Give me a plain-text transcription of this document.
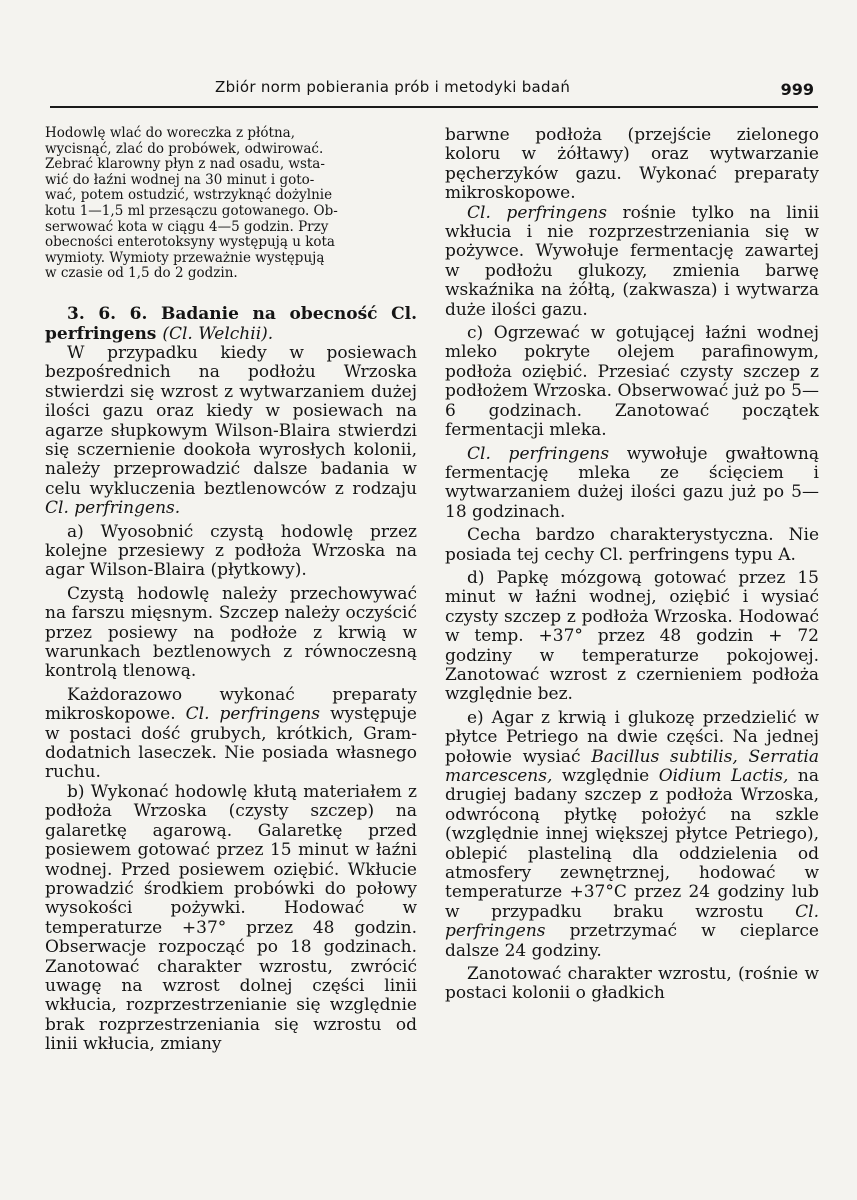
Zbiór norm pobierania prób i metodyki badań	999
Hodowlę wlać do woreczka z płótna,
wycisnąć, zlać do probówek, odwirować.
Zebrać klarowny płyn z nad osadu, wsta-
wić do łaźni wodnej na 30 minut i goto-
wać, potem ostudzić, wstrzyknąć dożylnie
kotu 1—1,5 ml przesączu gotowanego. Ob-
serwować kota w ciągu 4—5 godzin. Przy
obecności enterotoksyny występują u kota
wymioty. Wymioty przeważnie występują
w czasie od 1,5 do 2 godzin.

3. 6. 6. Badanie na obecność Cl. perfringens (Cl. Welchii).

W przypadku kiedy w posiewach bezpośrednich na podłożu Wrzoska stwierdzi się wzrost z wytwarzaniem dużej ilości gazu oraz kiedy w posiewach na agarze słupkowym Wilson-Blaira stwierdzi się sczernienie dookoła wyrosłych kolonii, należy przeprowadzić dalsze badania w celu wykluczenia beztlenowców z rodzaju Cl. perfringens.

a) Wyosobnić czystą hodowlę przez kolejne przesiewy z podłoża Wrzoska na agar Wilson-Blaira (płytkowy).

Czystą hodowlę należy przechowywać na farszu mięsnym. Szczep należy oczyścić przez posiewy na podłoże z krwią w warunkach beztlenowych z równoczesną kontrolą tlenową.

Każdorazowo wykonać preparaty mikroskopowe. Cl. perfringens występuje w postaci dość grubych, krótkich, Gram-dodatnich laseczek. Nie posiada własnego ruchu.

b) Wykonać hodowlę kłutą materiałem z podłoża Wrzoska (czysty szczep) na galaretkę agarową. Galaretkę przed posiewem gotować przez 15 minut w łaźni wodnej. Przed posiewem oziębić. Wkłucie prowadzić środkiem probówki do połowy wysokości pożywki. Hodować w temperaturze +37° przez 48 godzin. Obserwacje rozpocząć po 18 godzinach. Zanotować charakter wzrostu, zwrócić uwagę na wzrost dolnej części linii wkłucia, rozprzestrzenianie się względnie brak rozprzestrzeniania się wzrostu od linii wkłucia, zmiany

barwne podłoża (przejście zielonego koloru w żółtawy) oraz wytwarzanie pęcherzyków gazu. Wykonać preparaty mikroskopowe.

Cl. perfringens rośnie tylko na linii wkłucia i nie rozprzestrzeniania się w pożywce. Wywołuje fermentację zawartej w podłożu glukozy, zmienia barwę wskaźnika na żółtą, (zakwasza) i wytwarza duże ilości gazu.

c) Ogrzewać w gotującej łaźni wodnej mleko pokryte olejem parafinowym, podłoża oziębić. Przesiać czysty szczep z podłożem Wrzoska. Obserwować już po 5—6 godzinach. Zanotować początek fermentacji mleka.

Cl. perfringens wywołuje gwałtowną fermentację mleka ze ścięciem i wytwarzaniem dużej ilości gazu już po 5—18 godzinach.

Cecha bardzo charakterystyczna. Nie posiada tej cechy Cl. perfringens typu A.

d) Papkę mózgową gotować przez 15 minut w łaźni wodnej, oziębić i wysiać czysty szczep z podłoża Wrzoska. Hodować w temp. +37° przez 48 godzin + 72 godziny w temperaturze pokojowej. Zanotować wzrost z czernieniem podłoża względnie bez.

e) Agar z krwią i glukozę przedzielić w płytce Petriego na dwie części. Na jednej połowie wysiać Bacillus subtilis, Serratia marcescens, względnie Oidium Lactis, na drugiej badany szczep z podłoża Wrzoska, odwróconą płytkę położyć na szkle (względnie innej większej płytce Petriego), oblepić plasteliną dla oddzielenia od atmosfery zewnętrznej, hodować w temperaturze +37°C przez 24 godziny lub w przypadku braku wzrostu Cl. perfringens przetrzymać w cieplarce dalsze 24 godziny.

Zanotować charakter wzrostu, (rośnie w postaci kolonii o gładkich
